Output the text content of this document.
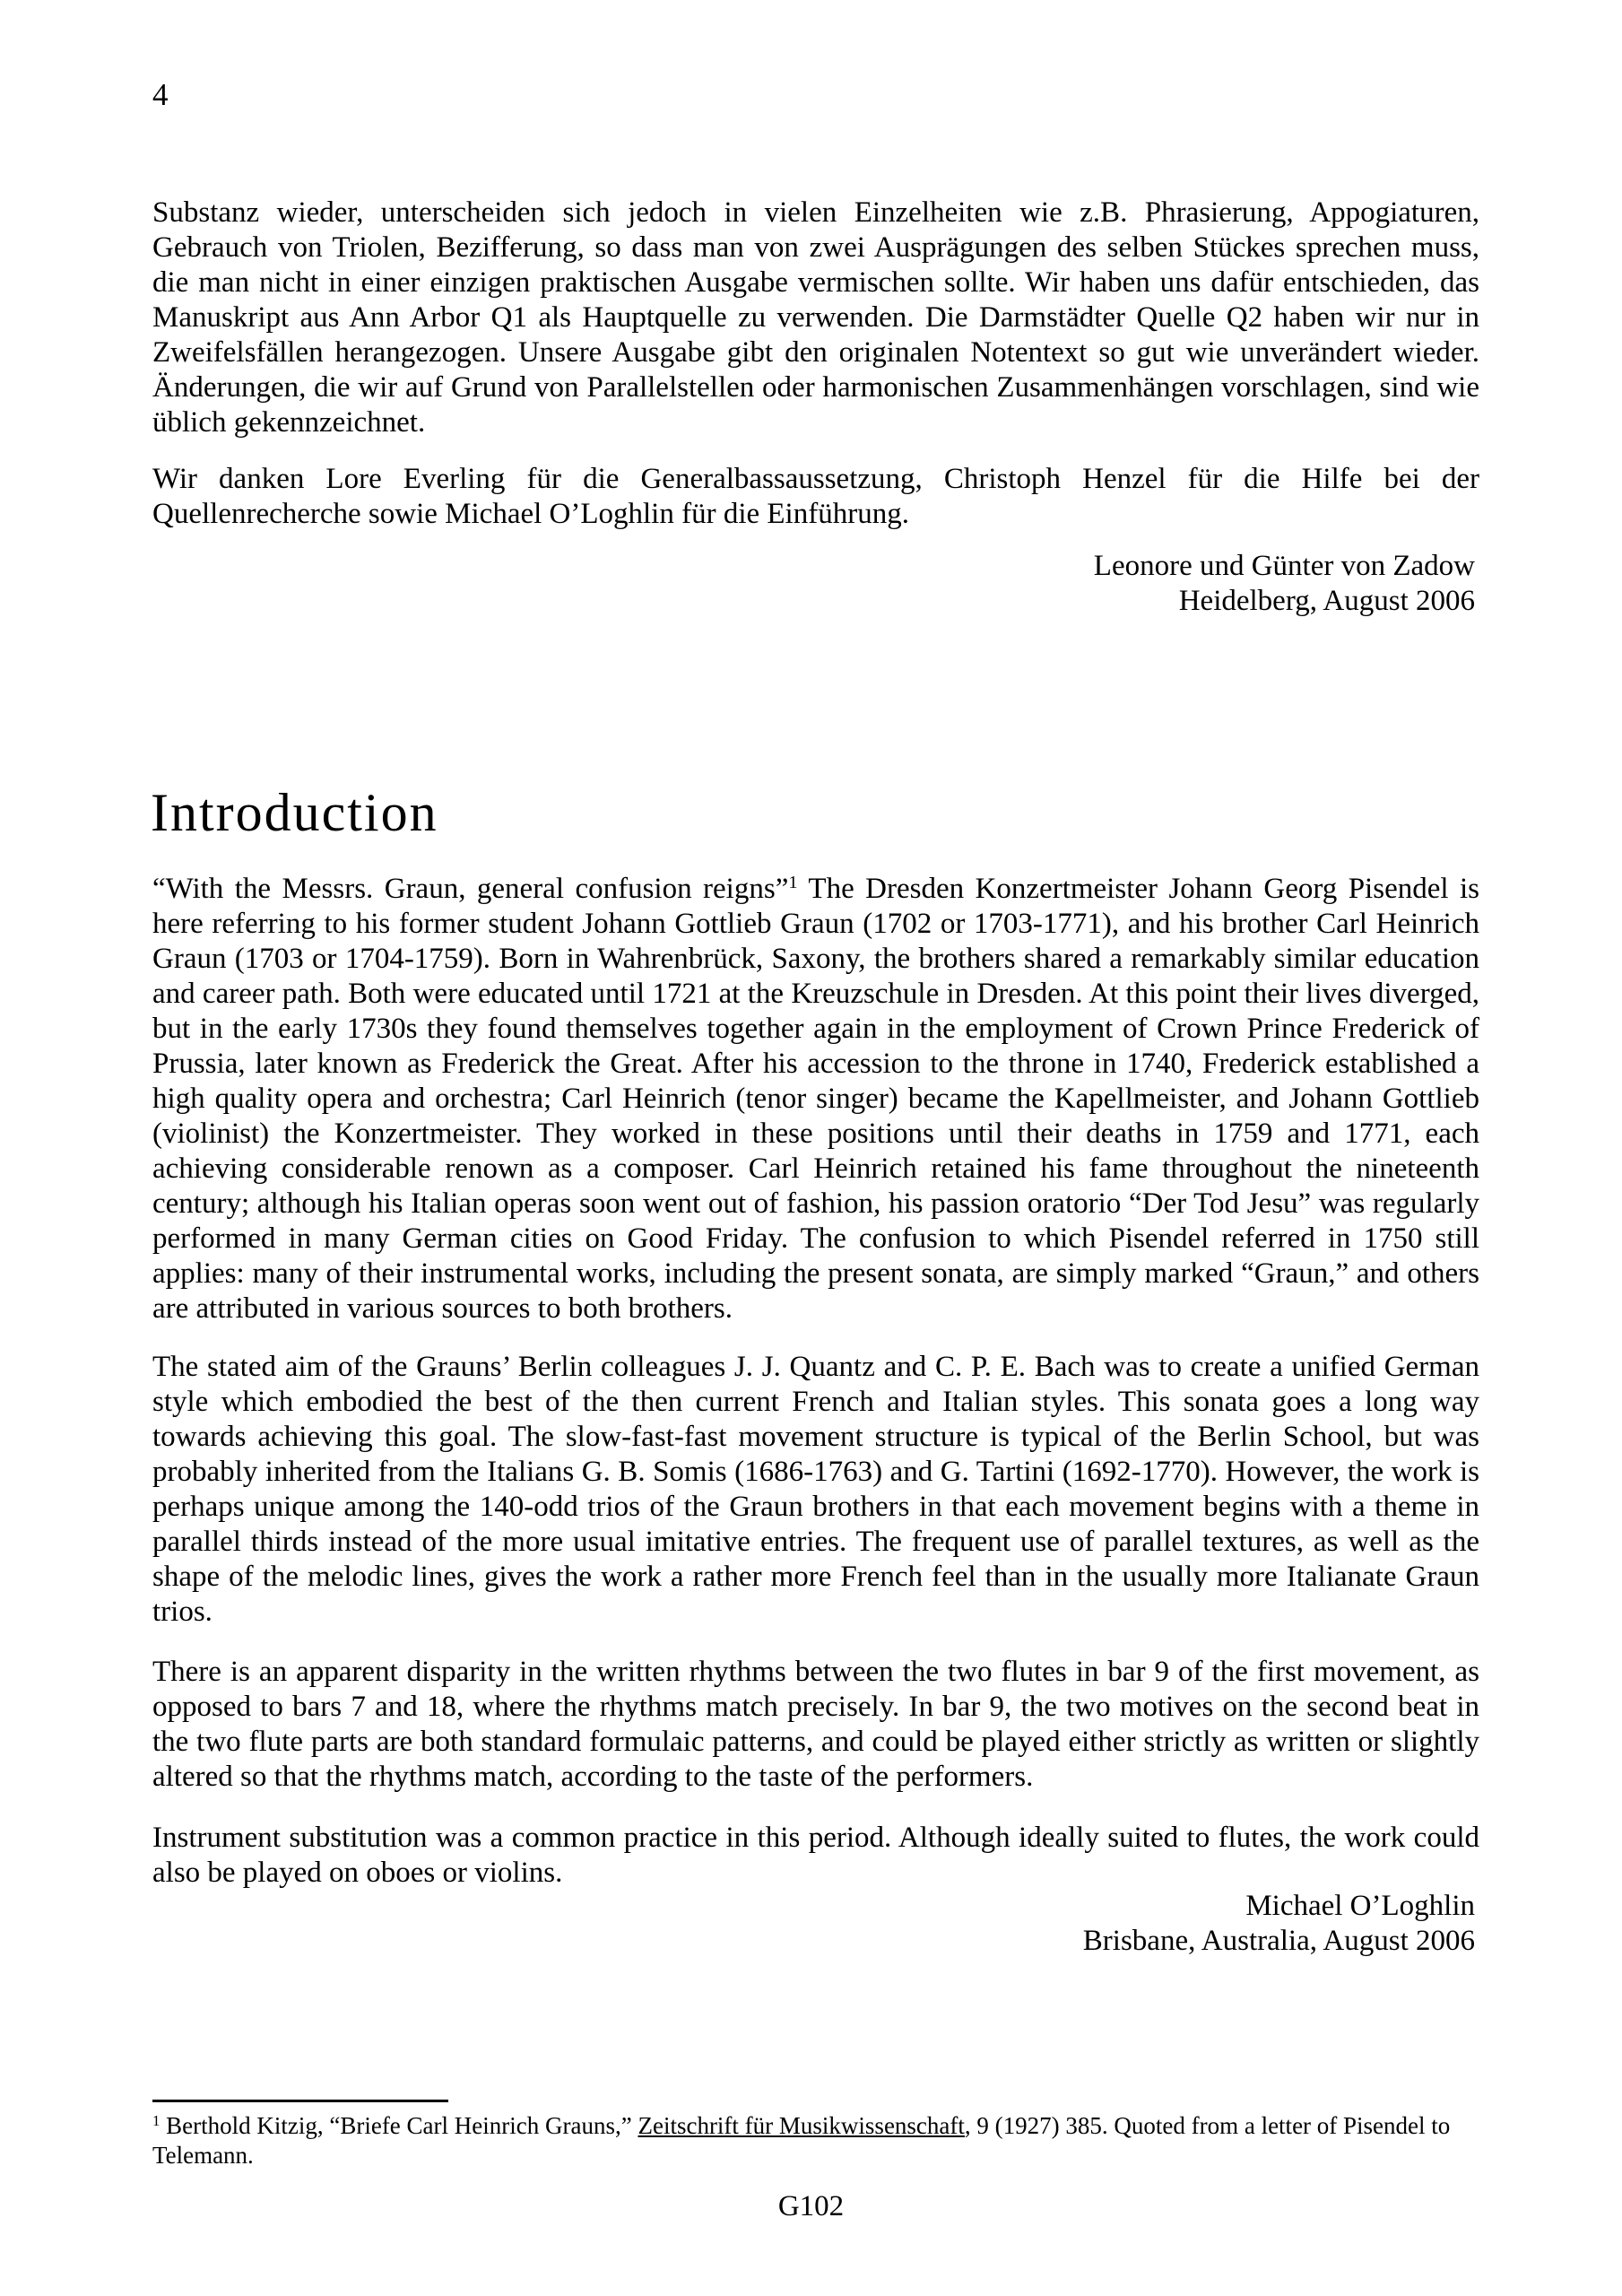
4

Substanz wieder, unterscheiden sich jedoch in vielen Einzelheiten wie z.B. Phrasierung, Appogiaturen, Gebrauch von Triolen, Bezifferung, so dass man von zwei Ausprägungen des selben Stückes sprechen muss, die man nicht in einer einzigen praktischen Ausgabe vermischen sollte. Wir haben uns dafür entschieden, das Manuskript aus Ann Arbor Q1 als Hauptquelle zu verwenden. Die Darmstädter Quelle Q2 haben wir nur in Zweifelsfällen herangezogen. Unsere Ausgabe gibt den originalen Notentext so gut wie unverändert wieder. Änderungen, die wir auf Grund von Parallelstellen oder harmonischen Zusammenhängen vorschlagen, sind wie üblich gekennzeichnet.

Wir danken Lore Everling für die Generalbassaussetzung, Christoph Henzel für die Hilfe bei der Quellenrecherche sowie Michael O’Loghlin für die Einführung.

Leonore und Günter von Zadow
Heidelberg, August 2006
Introduction

“With the Messrs. Graun, general confusion reigns”$^1$ The Dresden Konzertmeister Johann Georg Pisendel is here referring to his former student Johann Gottlieb Graun (1702 or 1703-1771), and his brother Carl Heinrich Graun (1703 or 1704-1759). Born in Wahrenbrück, Saxony, the brothers shared a remarkably similar education and career path. Both were educated until 1721 at the Kreuzschule in Dresden. At this point their lives diverged, but in the early 1730s they found themselves together again in the employment of Crown Prince Frederick of Prussia, later known as Frederick the Great. After his accession to the throne in 1740, Frederick established a high quality opera and orchestra; Carl Heinrich (tenor singer) became the Kapellmeister, and Johann Gottlieb (violinist) the Konzertmeister. They worked in these positions until their deaths in 1759 and 1771, each achieving considerable renown as a composer. Carl Heinrich retained his fame throughout the nineteenth century; although his Italian operas soon went out of fashion, his passion oratorio “Der Tod Jesu” was regularly performed in many German cities on Good Friday. The confusion to which Pisendel referred in 1750 still applies: many of their instrumental works, including the present sonata, are simply marked “Graun,” and others are attributed in various sources to both brothers.

The stated aim of the Grauns’ Berlin colleagues J. J. Quantz and C. P. E. Bach was to create a unified German style which embodied the best of the then current French and Italian styles. This sonata goes a long way towards achieving this goal. The slow-fast-fast movement structure is typical of the Berlin School, but was probably inherited from the Italians G. B. Somis (1686-1763) and G. Tartini (1692-1770). However, the work is perhaps unique among the 140-odd trios of the Graun brothers in that each movement begins with a theme in parallel thirds instead of the more usual imitative entries. The frequent use of parallel textures, as well as the shape of the melodic lines, gives the work a rather more French feel than in the usually more Italianate Graun trios.

There is an apparent disparity in the written rhythms between the two flutes in bar 9 of the first movement, as opposed to bars 7 and 18, where the rhythms match precisely. In bar 9, the two motives on the second beat in the two flute parts are both standard formulaic patterns, and could be played either strictly as written or slightly altered so that the rhythms match, according to the taste of the performers.

Instrument substitution was a common practice in this period. Although ideally suited to flutes, the work could also be played on oboes or violins.

Michael O’Loghlin
Brisbane, Australia, August 2006

$^1$ Berthold Kitzig, “Briefe Carl Heinrich Grauns,” Zeitschrift für Musikwissenschaft, 9 (1927) 385. Quoted from a letter of Pisendel to Telemann.

G102
